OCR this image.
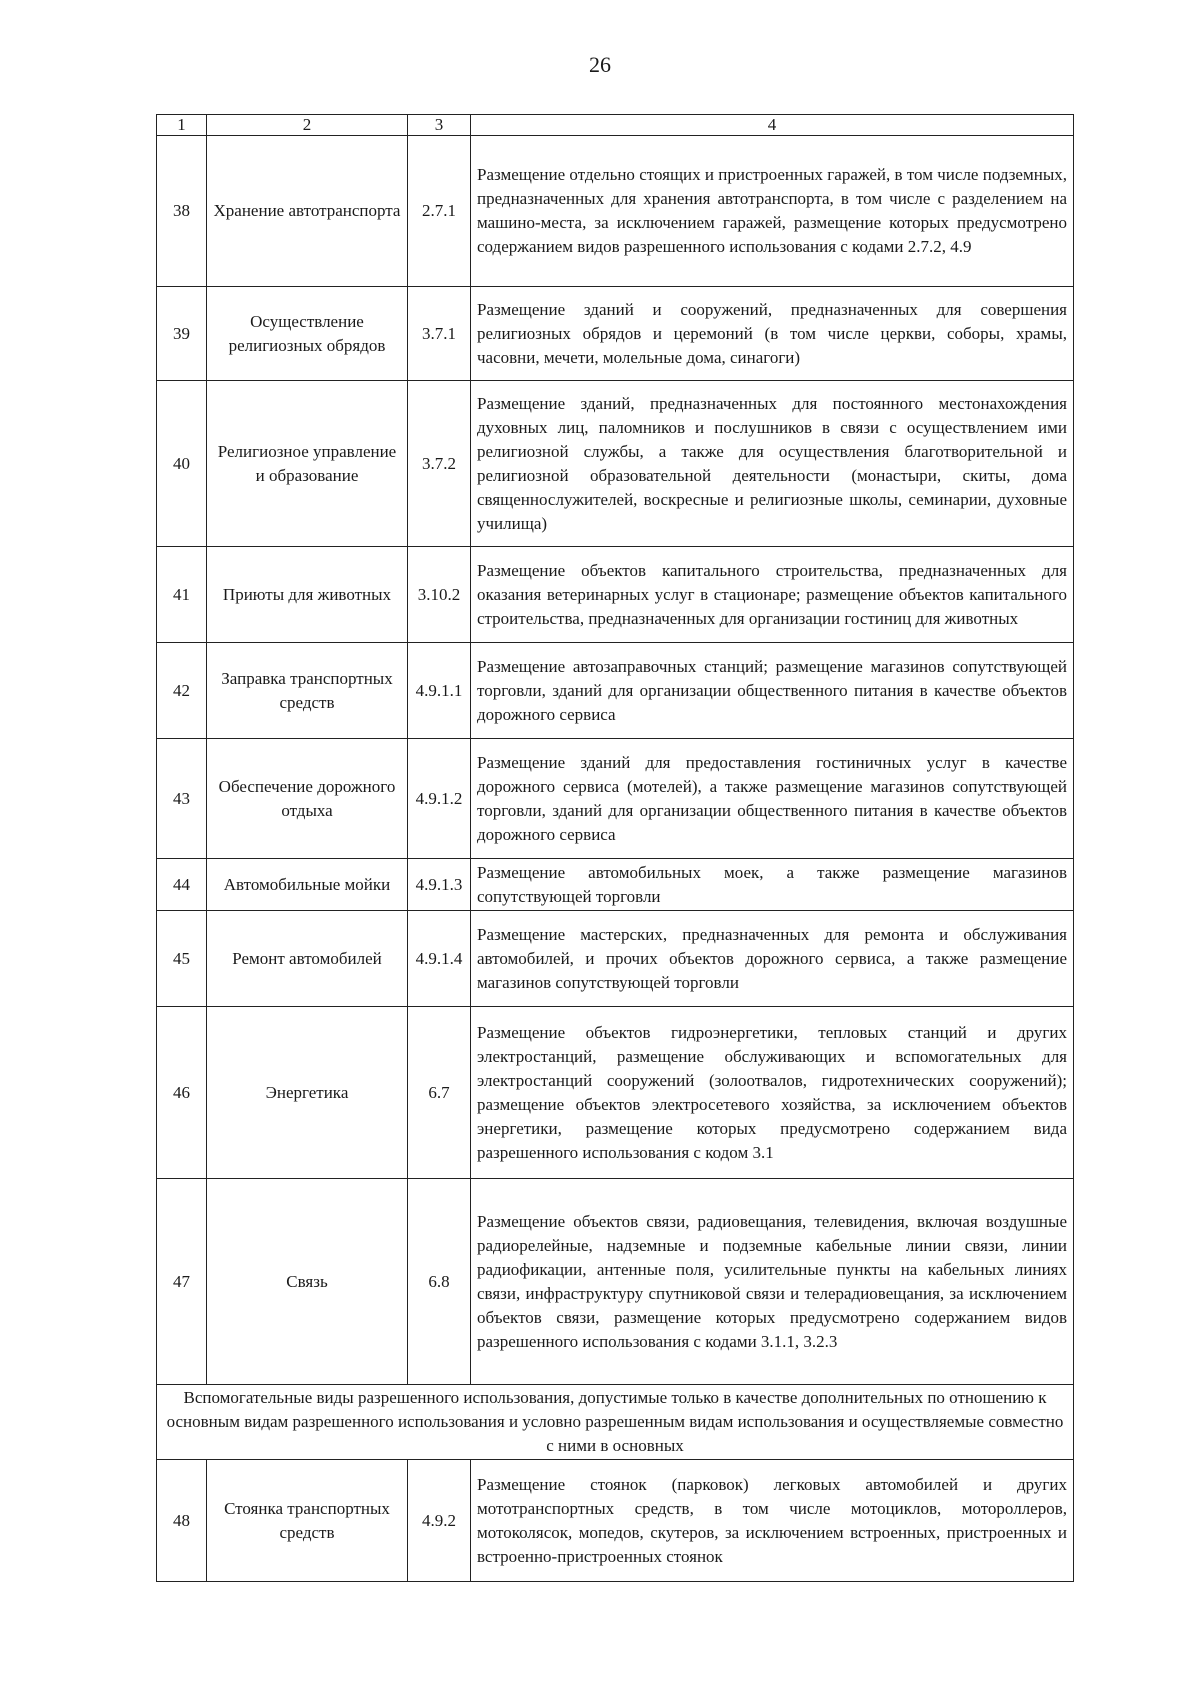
26
1	2	3	4
38	Хранение автотранспорта	2.7.1	Размещение отдельно стоящих и пристроенных гаражей, в том числе подземных, предназначенных для хранения автотранспорта, в том числе с разделением на машино-места, за исключением гаражей, размещение которых предусмотрено содержанием видов разрешенного использования с кодами 2.7.2, 4.9
39	Осуществление религиозных обрядов	3.7.1	Размещение зданий и сооружений, предназначенных для совершения религиозных обрядов и церемоний (в том числе церкви, соборы, храмы, часовни, мечети, молельные дома, синагоги)
40	Религиозное управление и образование	3.7.2	Размещение зданий, предназначенных для постоянного местонахождения духовных лиц, паломников и послушников в связи с осуществлением ими религиозной службы, а также для осуществления благотворительной и религиозной образовательной деятельности (монастыри, скиты, дома священнослужителей, воскресные и религиозные школы, семинарии, духовные училища)
41	Приюты для животных	3.10.2	Размещение объектов капитального строительства, предназначенных для оказания ветеринарных услуг в стационаре; размещение объектов капитального строительства, предназначенных для организации гостиниц для животных
42	Заправка транспортных средств	4.9.1.1	Размещение автозаправочных станций; размещение магазинов сопутствующей торговли, зданий для организации общественного питания в качестве объектов дорожного сервиса
43	Обеспечение дорожного отдыха	4.9.1.2	Размещение зданий для предоставления гостиничных услуг в качестве дорожного сервиса (мотелей), а также размещение магазинов сопутствующей торговли, зданий для организации общественного питания в качестве объектов дорожного сервиса
44	Автомобильные мойки	4.9.1.3	Размещение автомобильных моек, а также размещение магазинов сопутствующей торговли
45	Ремонт автомобилей	4.9.1.4	Размещение мастерских, предназначенных для ремонта и обслуживания автомобилей, и прочих объектов дорожного сервиса, а также размещение магазинов сопутствующей торговли
46	Энергетика	6.7	Размещение объектов гидроэнергетики, тепловых станций и других электростанций, размещение обслуживающих и вспомогательных для электростанций сооружений (золоотвалов, гидротехнических сооружений); размещение объектов электросетевого хозяйства, за исключением объектов энергетики, размещение которых предусмотрено содержанием вида разрешенного использования с кодом 3.1
47	Связь	6.8	Размещение объектов связи, радиовещания, телевидения, включая воздушные радиорелейные, надземные и подземные кабельные линии связи, линии радиофикации, антенные поля, усилительные пункты на кабельных линиях связи, инфраструктуру спутниковой связи и телерадиовещания, за исключением объектов связи, размещение которых предусмотрено содержанием видов разрешенного использования с кодами 3.1.1, 3.2.3
Вспомогательные виды разрешенного использования, допустимые только в качестве дополнительных по отношению к основным видам разрешенного использования и условно разрешенным видам использования и осуществляемые совместно с ними в основных			
48	Стоянка транспортных средств	4.9.2	Размещение стоянок (парковок) легковых автомобилей и других мототранспортных средств, в том числе мотоциклов, мотороллеров, мотоколясок, мопедов, скутеров, за исключением встроенных, пристроенных и встроенно-пристроенных стоянок
